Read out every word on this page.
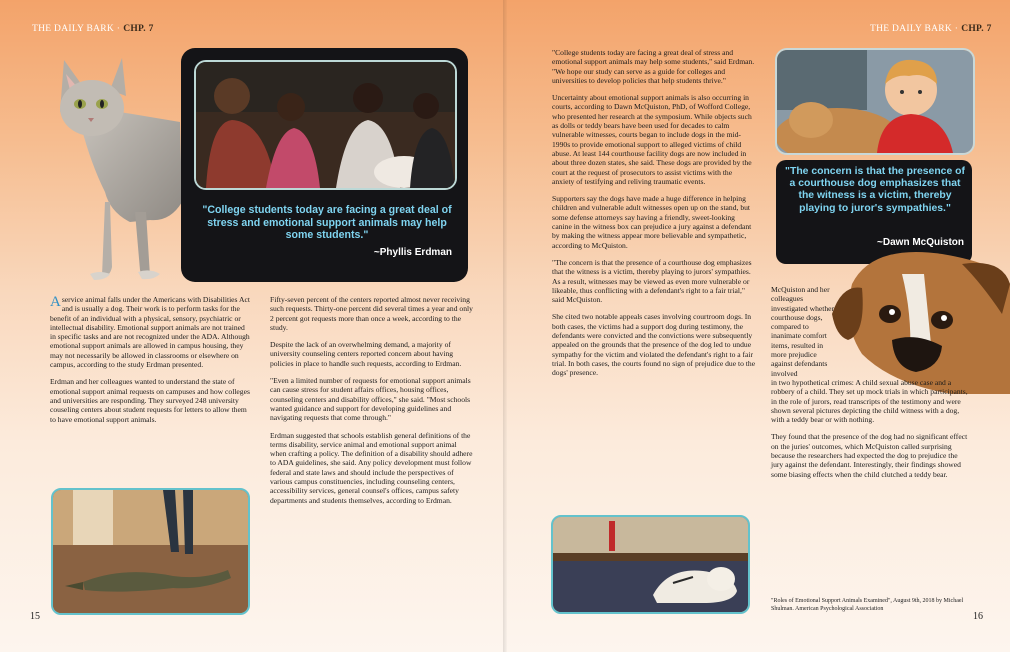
THE DAILY BARK · CHP. 7
"College students today are facing a great deal of stress and emotional support animals may help some students."
~Phyllis Erdman

Aservice animal falls under the Americans with Disabilities Act and is usually a dog. Their work is to perform tasks for the benefit of an individual with a physical, sensory, psychiatric or intellectual disability. Emotional support animals are not trained in specific tasks and are not recognized under the ADA. Although emotional support animals are allowed in campus housing, they may not necessarily be allowed in classrooms or elsewhere on campus, according to the study Erdman presented.

Erdman and her colleagues wanted to understand the state of emotional support animal requests on campuses and how colleges and universities are responding. They surveyed 248 university couseling centers about student requests for letters to allow them to have emotional support animals.

Fifty-seven percent of the centers reported almost never receiving such requests. Thirty-one percent did several times a year and only 2 percent got requests more than once a week, according to the study.

Despite the lack of an overwhelming demand, a majority of university counseling centers reported concern about having policies in place to handle such requests, according to Erdman.

"Even a limited number of requests for emotional support animals can cause stress for student affairs offices, housing offices, counseling centers and disability offices," she said. "Most schools wanted guidance and support for developing guidelines and navigating requests that come through."

Erdman suggested that schools establish general definitions of the terms disability, service animal and emotional support animal when crafting a policy. The definition of a disability should adhere to ADA guidelines, she said. Any policy development must follow federal and state laws and should include the perspectives of various campus constituencies, including counseling centers, accessibility services, general counsel's offices, campus safety departments and students themselves, according to Erdman.

15
THE DAILY BARK · CHP. 7

"College students today are facing a great deal of stress and emotional support animals may help some students," said Erdman. "We hope our study can serve as a guide for colleges and universities to develop policies that help students thrive."

Uncertainty about emotional support animals is also occurring in courts, according to Dawn McQuiston, PhD, of Wofford College, who presented her research at the symposium. While objects such as dolls or teddy bears have been used for decades to calm vulnerable witnesses, courts began to include dogs in the mid-1990s to provide emotional support to alleged victims of child abuse. At least 144 courthouse facility dogs are now included in about three dozen states, she said. These dogs are provided by the court at the request of prosecutors to assist victims with the anxiety of testifying and reliving traumatic events.

Supporters say the dogs have made a huge difference in helping children and vulnerable adult witnesses open up on the stand, but some defense attorneys say having a friendly, sweet-looking canine in the witness box can prejudice a jury against a defendant by making the witness appear more believable and sympathetic, according to McQuiston.

"The concern is that the presence of a courthouse dog emphasizes that the witness is a victim, thereby playing to jurors' sympathies. As a result, witnesses may be viewed as even more vulnerable or likeable, thus conflicting with a defendant's right to a fair trial," said McQuiston.

She cited two notable appeals cases involving courtroom dogs. In both cases, the victims had a support dog during testimony, the defendants were convicted and the convictions were subsequently appealed on the grounds that the presence of the dog led to undue sympathy for the victim and violated the defendant's right to a fair trial. In both cases, the courts found no sign of prejudice due to the dogs' presence.

"The concern is that the presence of a courthouse dog emphasizes that the witness is a victim, thereby playing to juror's sympathies."
~Dawn McQuiston

McQuiston and her colleagues investigated whether courthouse dogs, compared to inanimate comfort items, resulted in more prejudice against defendants involved

in two hypothetical crimes: A child sexual abuse case and a robbery of a child. They set up mock trials in which participants, in the role of jurors, read transcripts of the testimony and were shown several pictures depicting the child witness with a dog, with a teddy bear or with nothing.

They found that the presence of the dog had no significant effect on the juries' outcomes, which McQuiston called surprising because the researchers had expected the dog to prejudice the jury against the defendant. Interestingly, their findings showed some biasing effects when the child clutched a teddy bear.

"Roles of Emotional Support Animals Examined", August 9th, 2018 by Michael Shulman. American Psychological Association
16
